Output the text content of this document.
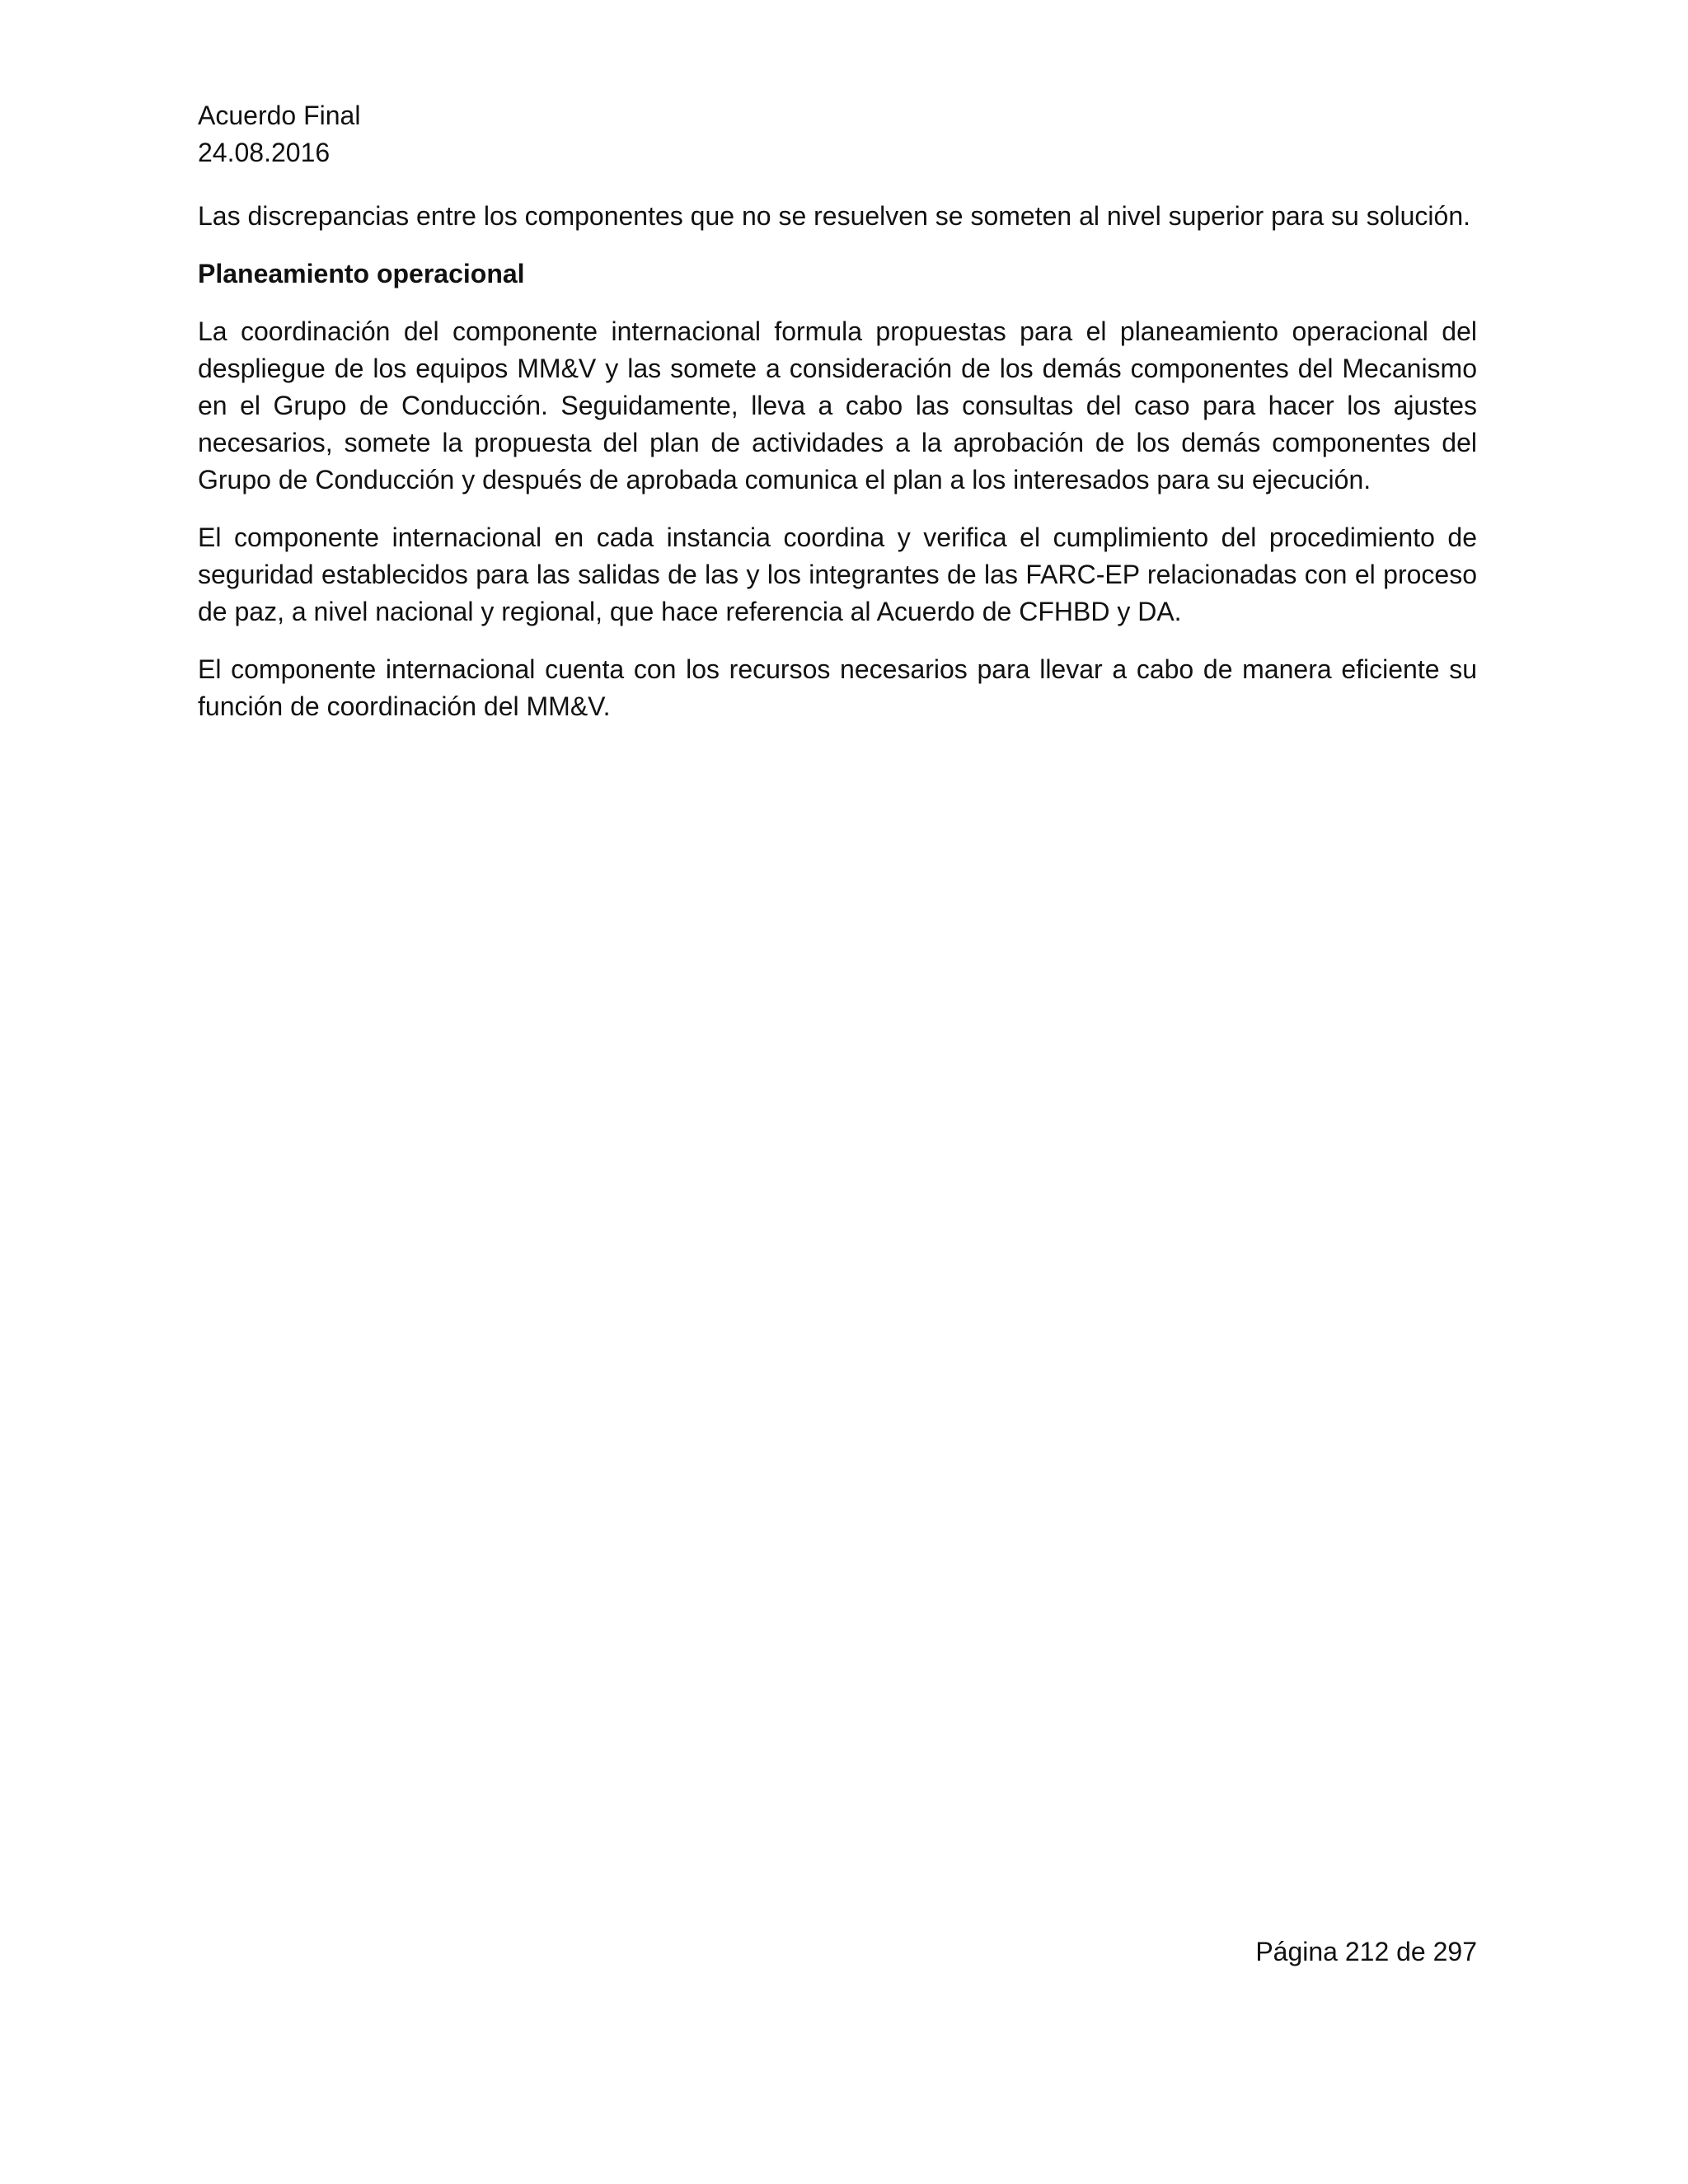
Acuerdo Final
24.08.2016

Las discrepancias entre los componentes que no se resuelven se someten al nivel superior para su solución.

Planeamiento operacional

La coordinación del componente internacional formula propuestas para el planeamiento operacional del despliegue de los equipos MM&V y las somete a consideración de los demás componentes del Mecanismo en el Grupo de Conducción. Seguidamente, lleva a cabo las consultas del caso para hacer los ajustes necesarios, somete la propuesta del plan de actividades a la aprobación de los demás componentes del Grupo de Conducción y después de aprobada comunica el plan a los interesados para su ejecución.

El componente internacional en cada instancia coordina y verifica el cumplimiento del procedimiento de seguridad establecidos para las salidas de las y los integrantes de las FARC-EP relacionadas con el proceso de paz, a nivel nacional y regional, que hace referencia al Acuerdo de CFHBD y DA.

El componente internacional cuenta con los recursos necesarios para llevar a cabo de manera eficiente su función de coordinación del MM&V.

Página 212 de 297
